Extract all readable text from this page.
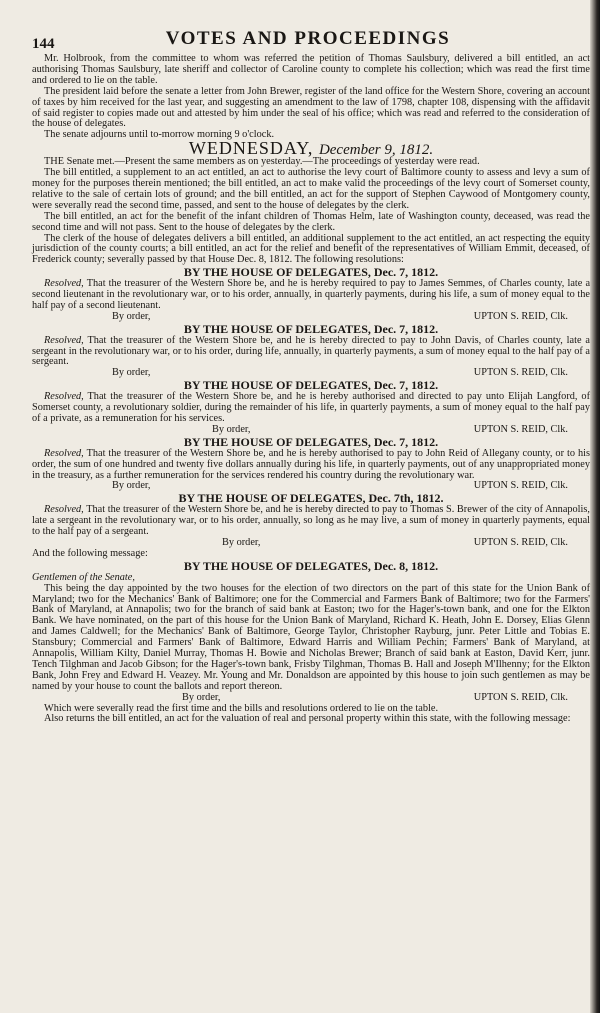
144	VOTES AND PROCEEDINGS

Mr. Holbrook, from the committee to whom was referred the petition of Thomas Saulsbury, delivered a bill entitled, an act authorising Thomas Saulsbury, late sheriff and collector of Caroline county to complete his collection; which was read the first time and ordered to lie on the table.

The president laid before the senate a letter from John Brewer, register of the land office for the Western Shore, covering an account of taxes by him received for the last year, and suggesting an amendment to the law of 1798, chapter 108, dispensing with the affidavit of said register to copies made out and attested by him under the seal of his office; which was read and referred to the consideration of the house of delegates.

The senate adjourns until to-morrow morning 9 o'clock.

WEDNESDAY, December 9, 1812.

THE Senate met.—Present the same members as on yesterday.—The proceedings of yesterday were read.

The bill entitled, a supplement to an act entitled, an act to authorise the levy court of Baltimore county to assess and levy a sum of money for the purposes therein mentioned; the bill entitled, an act to make valid the proceedings of the levy court of Somerset county, relative to the sale of certain lots of ground; and the bill entitled, an act for the support of Stephen Caywood of Montgomery county, were severally read the second time, passed, and sent to the house of delegates by the clerk.

The bill entitled, an act for the benefit of the infant children of Thomas Helm, late of Washington county, deceased, was read the second time and will not pass. Sent to the house of delegates by the clerk.

The clerk of the house of delegates delivers a bill entitled, an additional supplement to the act entitled, an act respecting the equity jurisdiction of the county courts; a bill entitled, an act for the relief and benefit of the representatives of William Emmit, deceased, of Frederick county; severally passed by that House Dec. 8, 1812. The following resolutions:

BY THE HOUSE OF DELEGATES, Dec. 7, 1812.

Resolved, That the treasurer of the Western Shore be, and he is hereby required to pay to James Semmes, of Charles county, late a second lieutenant in the revolutionary war, or to his order, annually, in quarterly payments, during his life, a sum of money equal to the half pay of a second lieutenant.

By order,	UPTON S. REID, Clk.

BY THE HOUSE OF DELEGATES, Dec. 7, 1812.

Resolved, That the treasurer of the Western Shore be, and he is hereby directed to pay to John Davis, of Charles county, late a sergeant in the revolutionary war, or to his order, during life, annually, in quarterly payments, a sum of money equal to the half pay of a sergeant.

By order,	UPTON S. REID, Clk.

BY THE HOUSE OF DELEGATES, Dec. 7, 1812.

Resolved, That the treasurer of the Western Shore be, and he is hereby authorised and directed to pay unto Elijah Langford, of Somerset county, a revolutionary soldier, during the remainder of his life, in quarterly payments, a sum of money equal to the half pay of a private, as a remuneration for his services.

By order,	UPTON S. REID, Clk.

BY THE HOUSE OF DELEGATES, Dec. 7, 1812.

Resolved, That the treasurer of the Western Shore be, and he is hereby authorised to pay to John Reid of Allegany county, or to his order, the sum of one hundred and twenty five dollars annually during his life, in quarterly payments, out of any unappropriated money in the treasury, as a further remuneration for the services rendered his country during the revolutionary war.

By order,	UPTON S. REID, Clk.

BY THE HOUSE OF DELEGATES, Dec. 7th, 1812.

Resolved, That the treasurer of the Western Shore be, and he is hereby directed to pay to Thomas S. Brewer of the city of Annapolis, late a sergeant in the revolutionary war, or to his order, annually, so long as he may live, a sum of money in quarterly payments, equal to the half pay of a sergeant.

By order,	UPTON S. REID, Clk.

And the following message:

BY THE HOUSE OF DELEGATES, Dec. 8, 1812.

Gentlemen of the Senate,

This being the day appointed by the two houses for the election of two directors on the part of this state for the Union Bank of Maryland; two for the Mechanics' Bank of Baltimore; one for the Commercial and Farmers Bank of Baltimore; two for the Farmers' Bank of Maryland, at Annapolis; two for the branch of said bank at Easton; two for the Hager's-town bank, and one for the Elkton Bank. We have nominated, on the part of this house for the Union Bank of Maryland, Richard K. Heath, John E. Dorsey, Elias Glenn and James Caldwell; for the Mechanics' Bank of Baltimore, George Taylor, Christopher Rayburg, junr. Peter Little and Tobias E. Stansbury; Commercial and Farmers' Bank of Baltimore, Edward Harris and William Pechin; Farmers' Bank of Maryland, at Annapolis, William Kilty, Daniel Murray, Thomas H. Bowie and Nicholas Brewer; Branch of said bank at Easton, David Kerr, junr. Tench Tilghman and Jacob Gibson; for the Hager's-town bank, Frisby Tilghman, Thomas B. Hall and Joseph M'Ilhenny; for the Elkton Bank, John Frey and Edward H. Veazey. Mr. Young and Mr. Donaldson are appointed by this house to join such gentlemen as may be named by your house to count the ballots and report thereon.

By order,	UPTON S. REID, Clk.

Which were severally read the first time and the bills and resolutions ordered to lie on the table.

Also returns the bill entitled, an act for the valuation of real and personal property within this state, with the following message:
